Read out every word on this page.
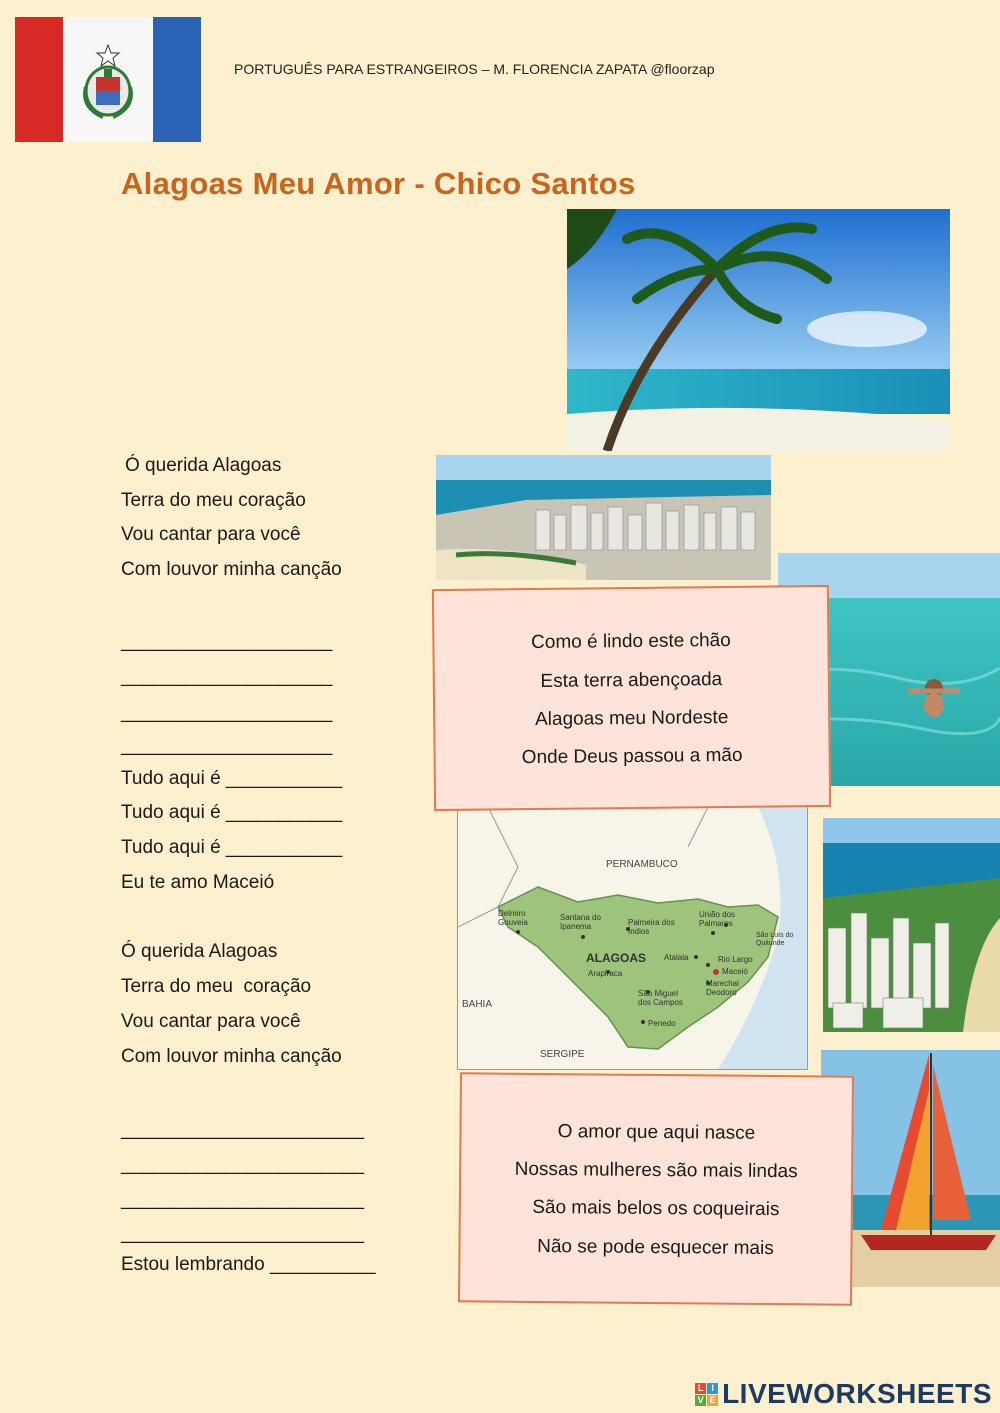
PORTUGUÊS PARA ESTRANGEIROS – M. FLORENCIA ZAPATA @floorzap
Alagoas Meu Amor - Chico Santos
Ó querida Alagoas
Terra do meu coração
Vou cantar para você
Com louvor minha canção
____________________
____________________
____________________
____________________
Tudo aqui é ___________
Tudo aqui é ___________
Tudo aqui é ___________
Eu te amo Maceió
Ó querida Alagoas
Terra do meu  coração
Vou cantar para você
Com louvor minha canção
_______________________
_______________________
_______________________
_______________________
Estou lembrando __________
PERNAMBUCO
BAHIA
SERGIPE
ALAGOAS
Delmiro Gouveia
Santana do Ipanema	Palmeira dos Índios
União dos Palmares
São Luís do Quitunde
Arapiraca
Atalaia	Rio Largo
Maceió
Marechal Deodoro
São Miguel dos Campos
Penedo
Como é lindo este chão
Esta terra abençoada
Alagoas meu Nordeste
Onde Deus passou a mão
O amor que aqui nasce
Nossas mulheres são mais lindas
São mais belos os coqueirais
Não se pode esquecer mais
L I
V E LIVEWORKSHEETS
